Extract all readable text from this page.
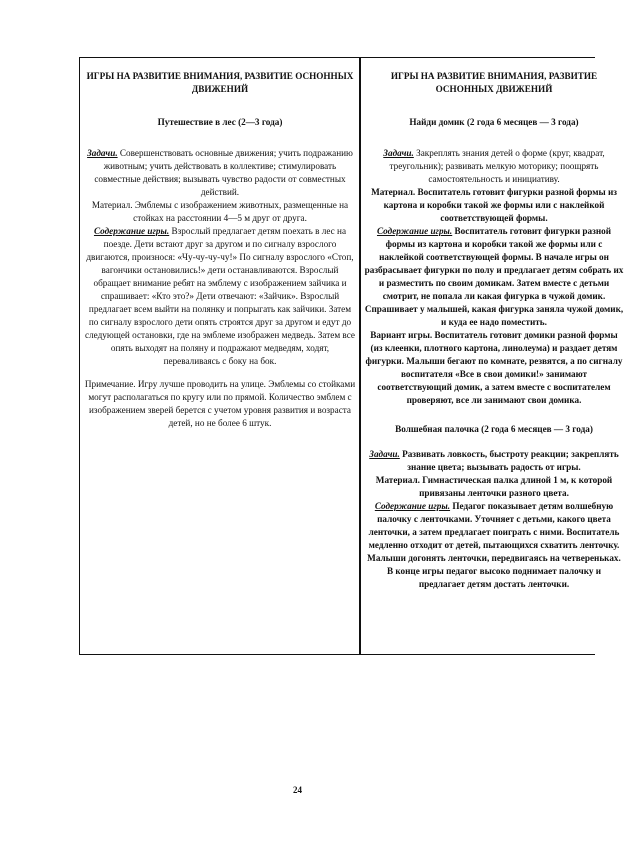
ИГРЫ НА РАЗВИТИЕ ВНИМАНИЯ, РАЗВИТИЕ ОСНОННЫХ ДВИЖЕНИЙ

Путешествие в лес (2—3 года)

Задачи. Совершенствовать основные движения; учить подражанию животным; учить действовать в коллективе; стимулировать совместные действия; вызывать чувство радости от совместных действий.

Материал. Эмблемы с изображением животных, размещенные на стойках на расстоянии 4—5 м друг от друга.

Содержание игры. Взрослый предлагает детям поехать в лес на поезде. Дети встают друг за другом и по сигналу взрослого двигаются, произнося: «Чу-чу-чу-чу!» По сигналу взрослого «Стоп, вагончики остановились!» дети останавливаются. Взрослый обращает внимание ребят на эмблему с изображением зайчика и спрашивает: «Кто это?» Дети отвечают: «Зайчик». Взрослый предлагает всем выйти на полянку и попрыгать как зайчики. Затем по сигналу взрослого дети опять строятся друг за другом и едут до следующей остановки, где на эмблеме изображен медведь. Затем все опять выходят на поляну и подражают медведям, ходят, переваливаясь с боку на бок.

Примечание. Игру лучше проводить на улице. Эмблемы со стойками могут располагаться по кругу или по прямой. Количество эмблем с изображением зверей берется с учетом уровня развития и возраста детей, но не более 6 штук.

ИГРЫ НА РАЗВИТИЕ ВНИМАНИЯ, РАЗВИТИЕ ОСНОННЫХ ДВИЖЕНИЙ

Найди домик (2 года 6 месяцев — 3 года)

Задачи. Закреплять знания детей о форме (круг, квадрат, треугольник); развивать мелкую моторику; поощрять самостоятельность и инициативу.

Материал. Воспитатель готовит фигурки разной формы из картона и коробки такой же формы или с наклейкой соответствующей формы.

Содержание игры. Воспитатель готовит фигурки разной формы из картона и коробки такой же формы или с наклейкой соответствующей формы. В начале игры он разбрасывает фигурки по полу и предлагает детям собрать их и разместить по своим домикам. Затем вместе с детьми смотрит, не попала ли какая фигурка в чужой домик. Спрашивает у малышей, какая фигурка заняла чужой домик, и куда ее надо поместить.

Вариант игры. Воспитатель готовит домики разной формы (из клеенки, плотного картона, линолеума) и раздает детям фигурки. Малыши бегают по комнате, резвятся, а по сигналу воспитателя «Все в свои домики!» занимают соответствующий домик, а затем вместе с воспитателем проверяют, все ли занимают свои домика.

Волшебная палочка (2 года 6 месяцев — 3 года)

Задачи. Развивать ловкость, быстроту реакции; закреплять знание цвета; вызывать радость от игры.

Материал. Гимнастическая палка длиной 1 м, к которой привязаны ленточки разного цвета.

Содержание игры. Педагог показывает детям волшебную палочку с ленточками. Уточняет с детьми, какого цвета ленточки, а затем предлагает поиграть с ними. Воспитатель медленно отходит от детей, пытающихся схватить ленточку. Малыши догонять ленточки, передвигаясь на четвереньках. В конце игры педагог высоко поднимает палочку и предлагает детям достать ленточки.

24
